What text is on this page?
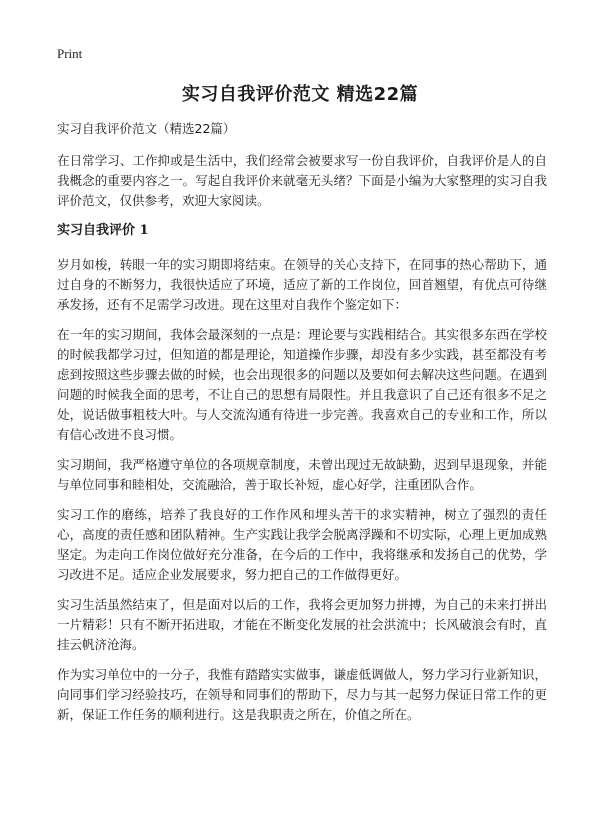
Print
实习自我评价范文 精选22篇

实习自我评价范文（精选22篇）

在日常学习、工作抑或是生活中，我们经常会被要求写一份自我评价，自我评价是人的自我概念的重要内容之一。写起自我评价来就毫无头绪？下面是小编为大家整理的实习自我评价范文，仅供参考，欢迎大家阅读。

实习自我评价 1

岁月如梭，转眼一年的实习期即将结束。在领导的关心支持下，在同事的热心帮助下，通过自身的不断努力，我很快适应了环境，适应了新的工作岗位，回首翘望，有优点可待继承发扬，还有不足需学习改进。现在这里对自我作个鉴定如下：

在一年的实习期间，我体会最深刻的一点是：理论要与实践相结合。其实很多东西在学校的时候我都学习过，但知道的都是理论，知道操作步骤，却没有多少实践，甚至都没有考虑到按照这些步骤去做的时候，也会出现很多的问题以及要如何去解决这些问题。在遇到问题的时候我全面的思考，不让自己的思想有局限性。并且我意识了自己还有很多不足之处，说话做事粗枝大叶。与人交流沟通有待进一步完善。我喜欢自己的专业和工作，所以有信心改进不良习惯。

实习期间，我严格遵守单位的各项规章制度，未曾出现过无故缺勤，迟到早退现象，并能与单位同事和睦相处，交流融洽，善于取长补短，虚心好学，注重团队合作。

实习工作的磨练，培养了我良好的工作作风和埋头苦干的求实精神，树立了强烈的责任心，高度的责任感和团队精神。生产实践让我学会脱离浮躁和不切实际，心理上更加成熟坚定。为走向工作岗位做好充分准备，在今后的工作中，我将继承和发扬自己的优势，学习改进不足。适应企业发展要求，努力把自己的工作做得更好。

实习生活虽然结束了，但是面对以后的工作，我将会更加努力拼搏，为自己的未来打拼出一片精彩！只有不断开拓进取，才能在不断变化发展的社会洪流中；长风破浪会有时，直挂云帆济沧海。

作为实习单位中的一分子，我惟有踏踏实实做事，谦虚低调做人，努力学习行业新知识，向同事们学习经验技巧，在领导和同事们的帮助下，尽力与其一起努力保证日常工作的更新，保证工作任务的顺利进行。这是我职责之所在，价值之所在。
